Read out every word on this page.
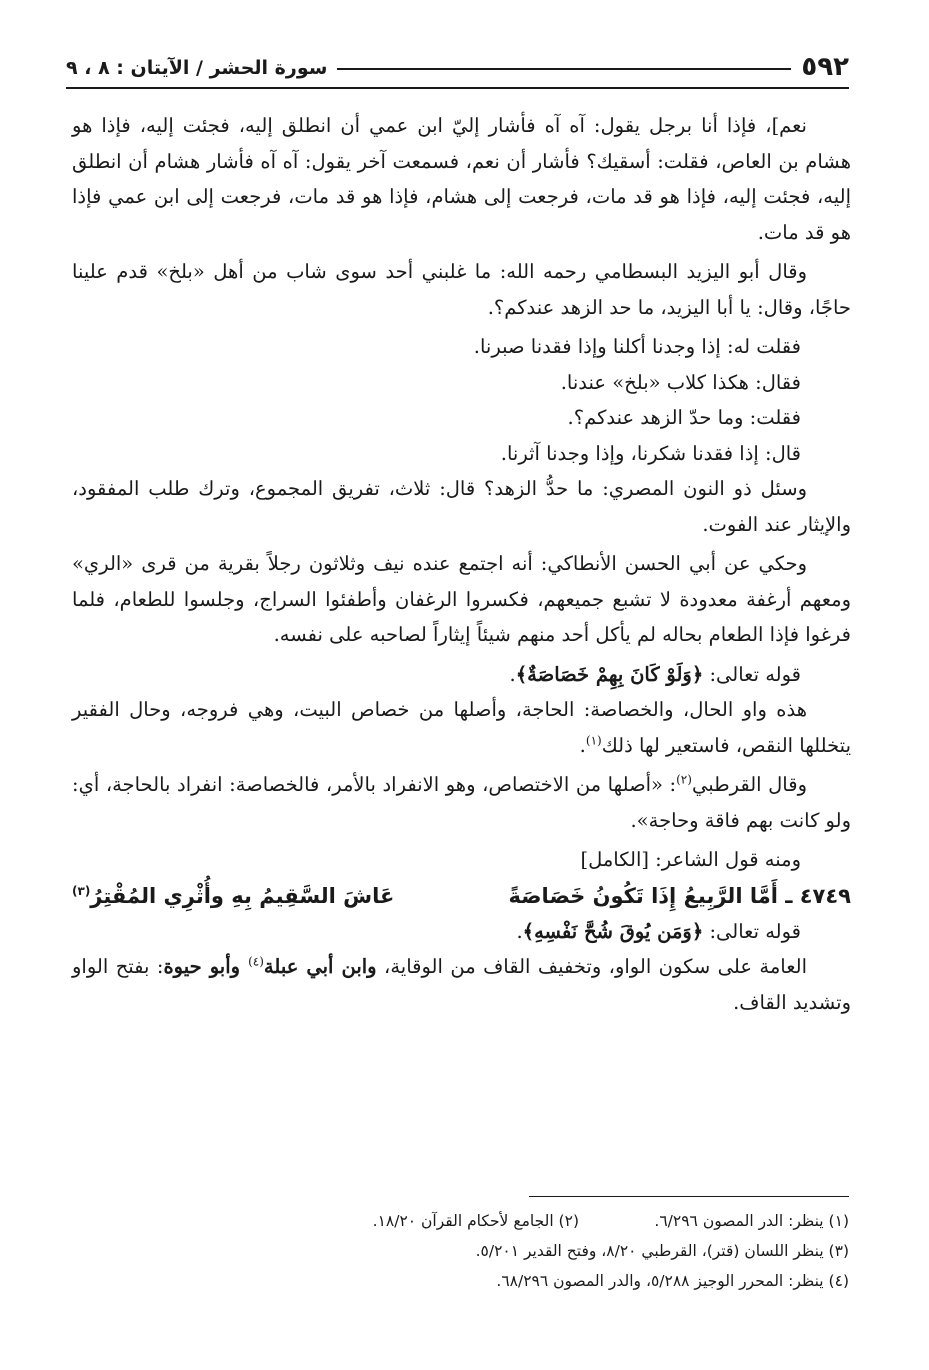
٥٩٢
سورة الحشر / الآيتان : ٨ ، ٩

نعم]، فإذا أنا برجل يقول: آه آه فأشار إليّ ابن عمي أن انطلق إليه، فجئت إليه، فإذا هو هشام بن العاص، فقلت: أسقيك؟ فأشار أن نعم، فسمعت آخر يقول: آه آه فأشار هشام أن انطلق إليه، فجئت إليه، فإذا هو قد مات، فرجعت إلى هشام، فإذا هو قد مات، فرجعت إلى ابن عمي فإذا هو قد مات.

وقال أبو اليزيد البسطامي رحمه الله: ما غلبني أحد سوى شاب من أهل «بلخ» قدم علينا حاجًا، وقال: يا أبا اليزيد، ما حد الزهد عندكم؟.

فقلت له: إذا وجدنا أكلنا وإذا فقدنا صبرنا.

فقال: هكذا كلاب «بلخ» عندنا.

فقلت: وما حدّ الزهد عندكم؟.

قال: إذا فقدنا شكرنا، وإذا وجدنا آثرنا.

وسئل ذو النون المصري: ما حدُّ الزهد؟ قال: ثلاث، تفريق المجموع، وترك طلب المفقود، والإيثار عند الفوت.

وحكي عن أبي الحسن الأنطاكي: أنه اجتمع عنده نيف وثلاثون رجلاً بقرية من قرى «الري» ومعهم أرغفة معدودة لا تشبع جميعهم، فكسروا الرغفان وأطفئوا السراج، وجلسوا للطعام، فلما فرغوا فإذا الطعام بحاله لم يأكل أحد منهم شيئاً إيثاراً لصاحبه على نفسه.

قوله تعالى: ﴿وَلَوْ كَانَ بِهِمْ خَصَاصَةٌ﴾.

هذه واو الحال، والخصاصة: الحاجة، وأصلها من خصاص البيت، وهي فروجه، وحال الفقير يتخللها النقص، فاستعير لها ذلك$^{(١)}$.

وقال القرطبي$^{(٢)}$: «أصلها من الاختصاص، وهو الانفراد بالأمر، فالخصاصة: انفراد بالحاجة، أي: ولو كانت بهم فاقة وحاجة».

ومنه قول الشاعر: [الكامل]

٤٧٤٩ ـ أَمَّا الرَّبِيعُ إِذَا تَكُونُ خَصَاصَةً
عَاشَ السَّقِيمُ بِهِ وأُثْرِي المُقْتِرُ$^{(٣)}$

قوله تعالى: ﴿وَمَن يُوقَ شُحَّ نَفْسِهِ﴾.

العامة على سكون الواو، وتخفيف القاف من الوقاية، وابن أبي عبلة$^{(٤)}$ وأبو حيوة: بفتح الواو وتشديد القاف.

(١) ينظر: الدر المصون ٦/٢٩٦.
(٢) الجامع لأحكام القرآن ١٨/٢٠.
(٣) ينظر اللسان (قتر)، القرطبي ٨/٢٠، وفتح القدير ٥/٢٠١.
(٤) ينظر: المحرر الوجيز ٥/٢٨٨، والدر المصون ٦٨/٢٩٦.
